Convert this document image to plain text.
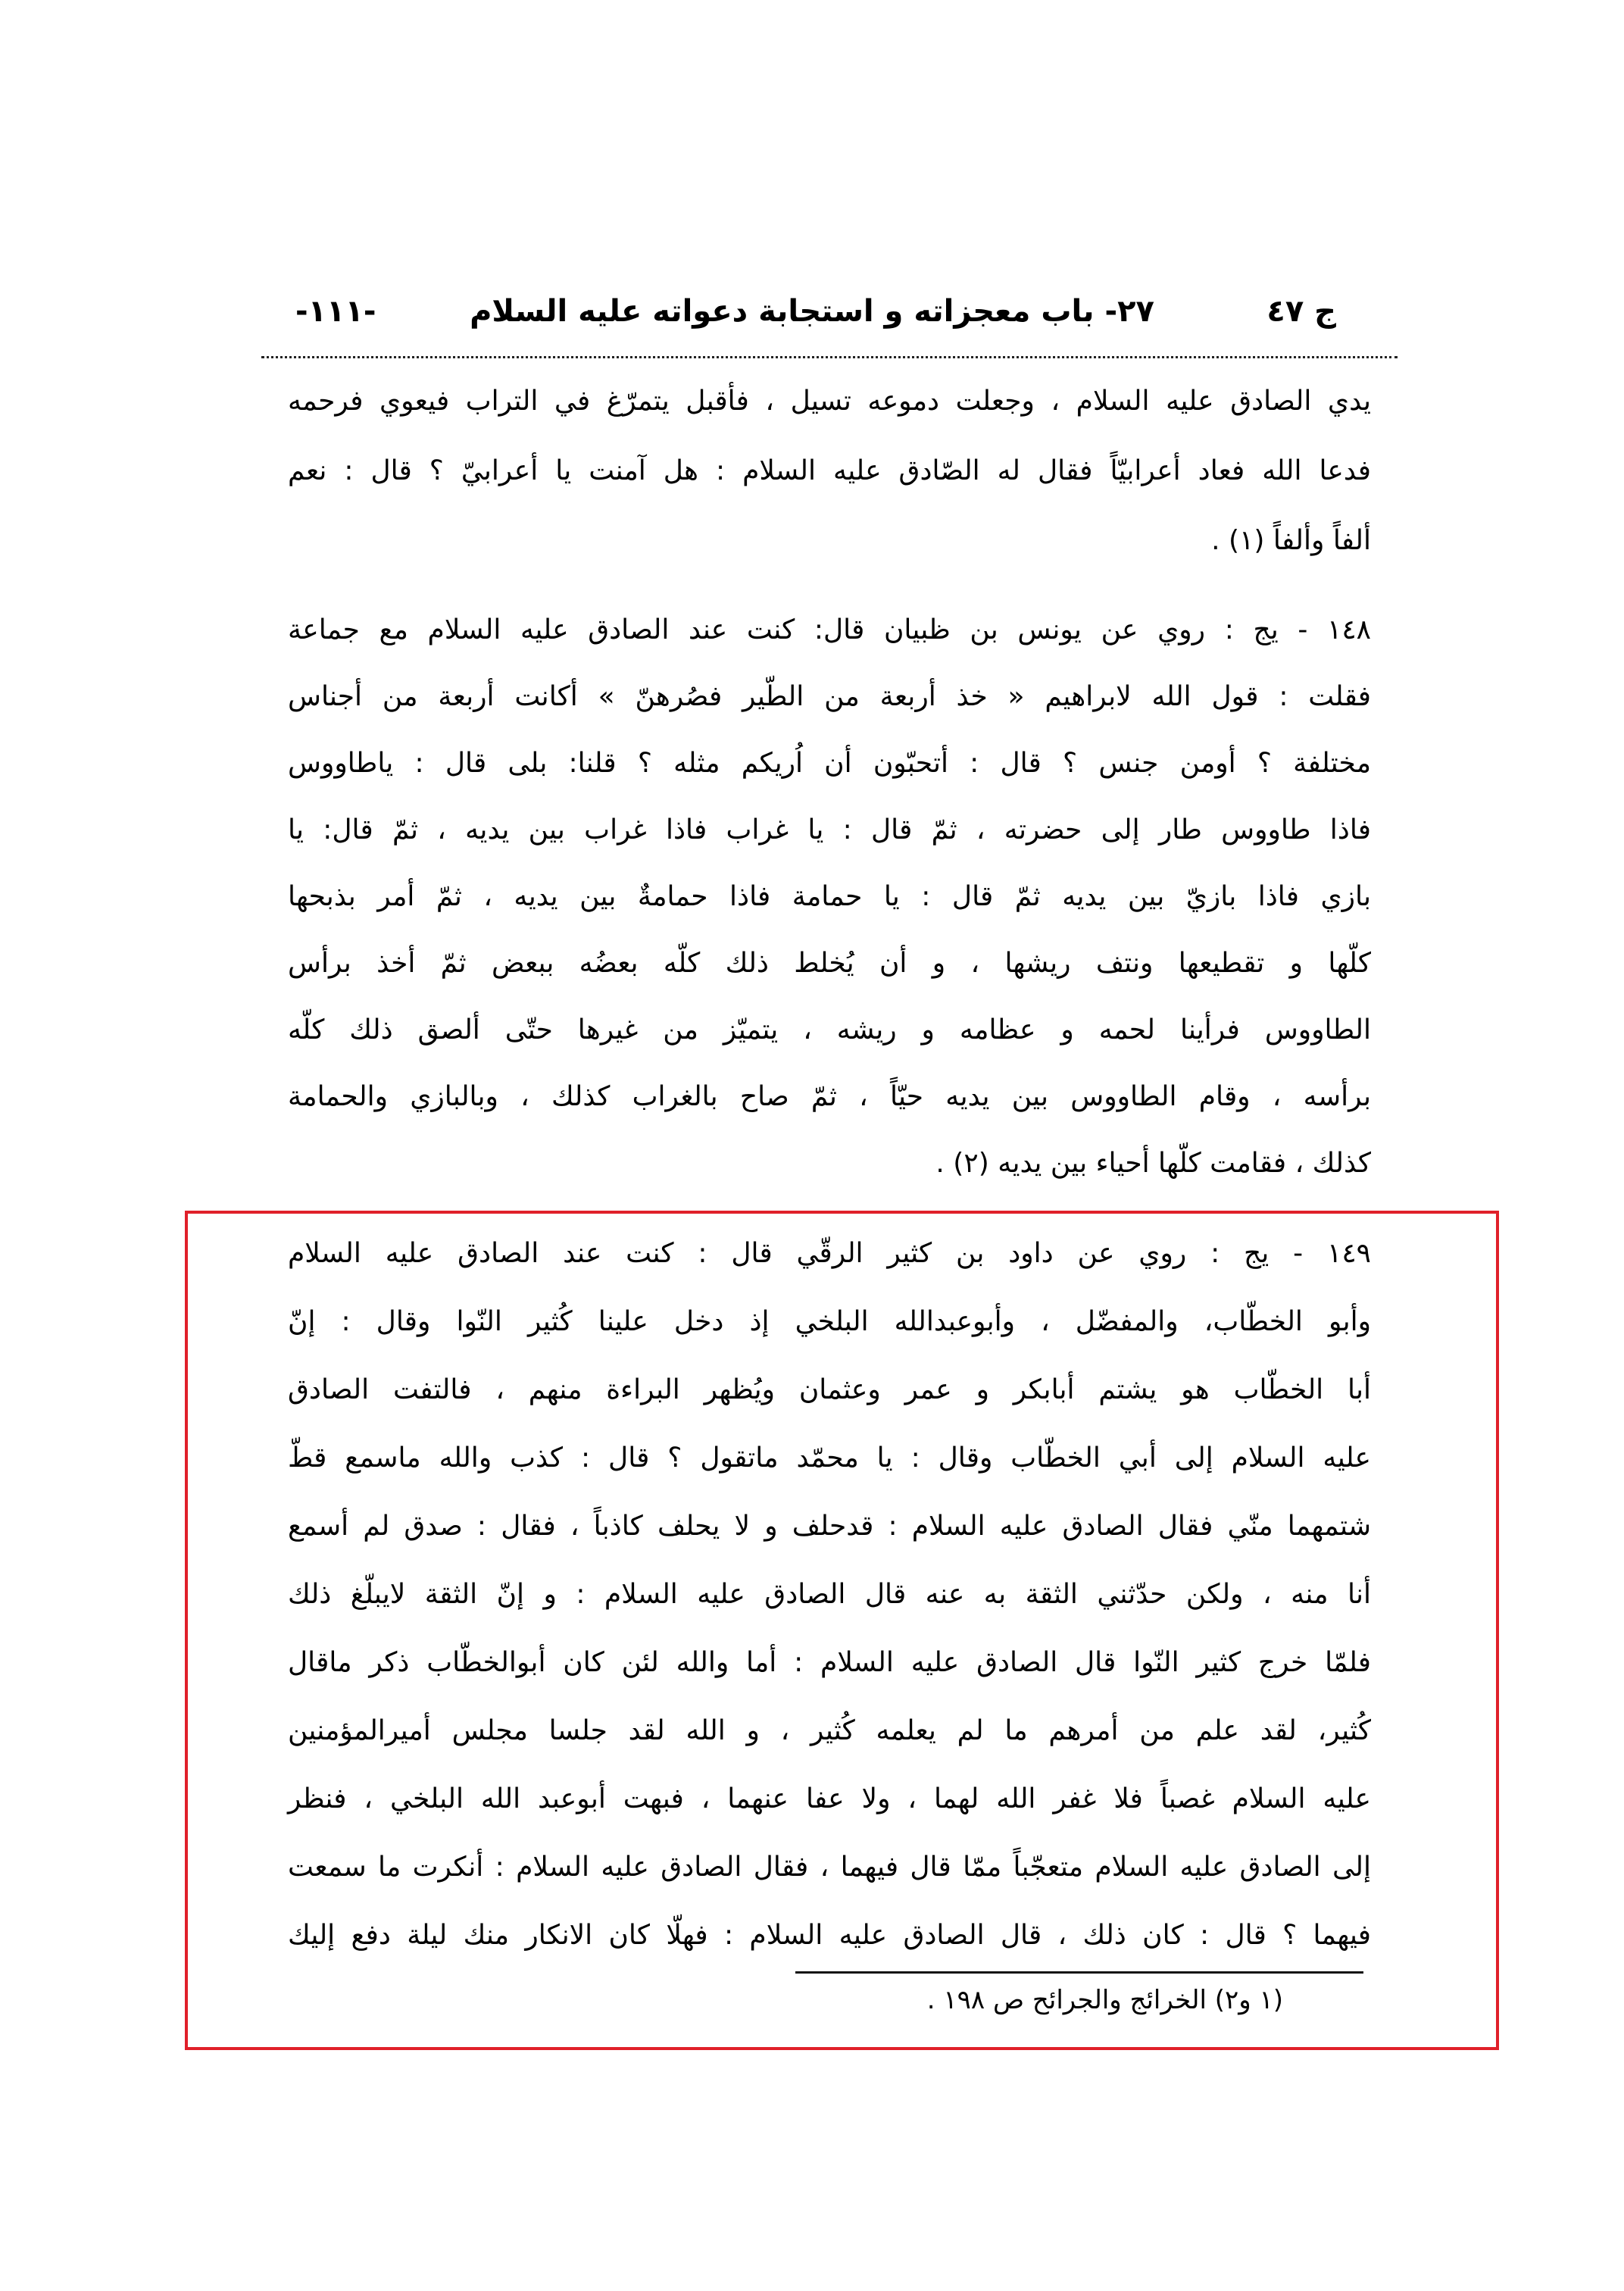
ج ٤٧
٢٧- باب معجزاته و استجابة دعواته عليه السلام
-١١١-
يدي الصادق عليه السلام ، وجعلت دموعه تسيل ، فأقبل يتمرّغ في التراب فيعوي فرحمه
فدعا الله فعاد أعرابيّاً فقال له الصّادق عليه السلام : هل آمنت يا أعرابيّ ؟ قال : نعم
ألفاً وألفاً (١) .
١٤٨ - يج : روي عن يونس بن ظبيان قال: كنت عند الصادق عليه السلام مع جماعة
فقلت : قول الله لابراهيم « خذ أربعة من الطّير فصُرهنّ » أكانت أربعة من أجناس
مختلفة ؟ أومن جنس ؟ قال : أتحبّون أن اُريكم مثله ؟ قلنا: بلى قال : ياطاووس
فاذا طاووس طار إلى حضرته ، ثمّ قال : يا غراب فاذا غراب بين يديه ، ثمّ قال: يا
بازي فاذا بازيّ بين يديه ثمّ قال : يا حمامة فاذا حمامةٌ بين يديه ، ثمّ أمر بذبحها
كلّها و تقطيعها ونتف ريشها ، و أن يُخلط ذلك كلّه بعضُه ببعض ثمّ أخذ برأس
الطاووس فرأينا لحمه و عظامه و ريشه ، يتميّز من غيرها حتّى ألصق ذلك كلّه
برأسه ، وقام الطاووس بين يديه حيّاً ، ثمّ صاح بالغراب كذلك ، وبالبازي والحمامة
كذلك ، فقامت كلّها أحياء بين يديه (٢) .
١٤٩ - يج : روي عن داود بن كثير الرقّي قال : كنت عند الصادق عليه السلام
وأبو الخطّاب، والمفضّل ، وأبوعبدالله البلخي إذ دخل علينا كُثير النّوا وقال : إنّ
أبا الخطّاب هو يشتم أبابكر و عمر وعثمان ويُظهر البراءة منهم ، فالتفت الصادق
عليه السلام إلى أبي الخطّاب وقال : يا محمّد ماتقول ؟ قال : كذب والله ماسمع قطّ
شتمهما منّي فقال الصادق عليه السلام : قدحلف و لا يحلف كاذباً ، فقال : صدق لم أسمع
أنا منه ، ولكن حدّثني الثقة به عنه قال الصادق عليه السلام : و إنّ الثقة لايبلّغ ذلك
فلمّا خرج كثير النّوا قال الصادق عليه السلام : أما والله لئن كان أبوالخطّاب ذكر ماقال
كُثير، لقد علم من أمرهم ما لم يعلمه كُثير ، و الله لقد جلسا مجلس أميرالمؤمنين
عليه السلام غصباً فلا غفر الله لهما ، ولا عفا عنهما ، فبهت أبوعبد الله البلخي ، فنظر
إلى الصادق عليه السلام متعجّباً ممّا قال فيهما ، فقال الصادق عليه السلام : أنكرت ما سمعت
فيهما ؟ قال : كان ذلك ، قال الصادق عليه السلام : فهلّا كان الانكار منك ليلة دفع إليك
(١ و٢) الخرائج والجرائح ص ١٩٨ .
